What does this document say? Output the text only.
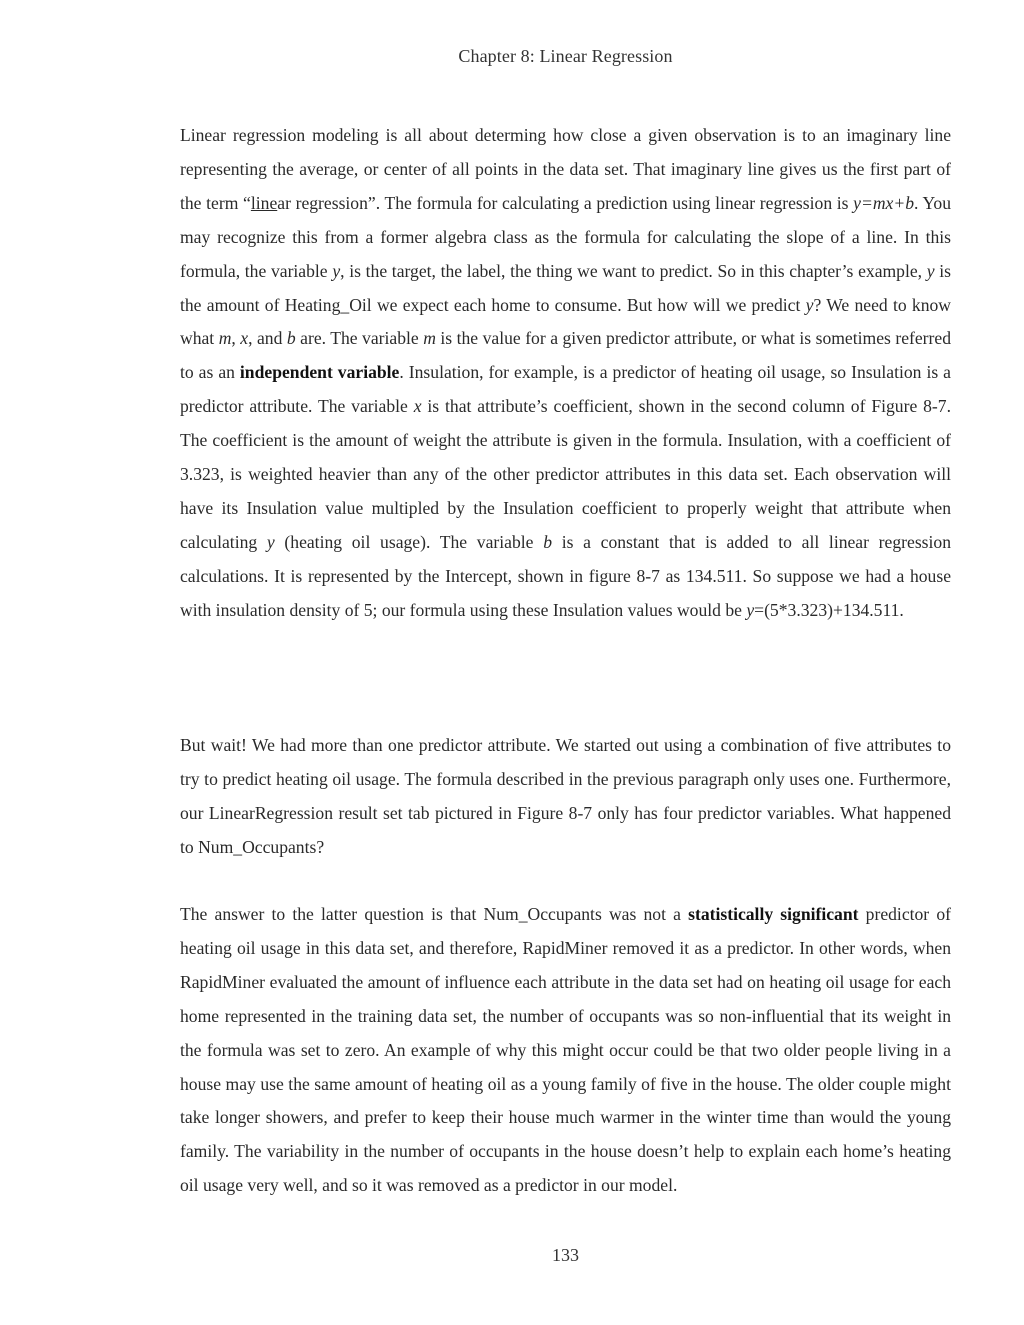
Chapter 8: Linear Regression

Linear regression modeling is all about determing how close a given observation is to an imaginary line representing the average, or center of all points in the data set. That imaginary line gives us the first part of the term “linear regression”. The formula for calculating a prediction using linear regression is y=mx+b. You may recognize this from a former algebra class as the formula for calculating the slope of a line. In this formula, the variable y, is the target, the label, the thing we want to predict. So in this chapter’s example, y is the amount of Heating_Oil we expect each home to consume. But how will we predict y? We need to know what m, x, and b are. The variable m is the value for a given predictor attribute, or what is sometimes referred to as an independent variable. Insulation, for example, is a predictor of heating oil usage, so Insulation is a predictor attribute. The variable x is that attribute’s coefficient, shown in the second column of Figure 8-7. The coefficient is the amount of weight the attribute is given in the formula. Insulation, with a coefficient of 3.323, is weighted heavier than any of the other predictor attributes in this data set. Each observation will have its Insulation value multipled by the Insulation coefficient to properly weight that attribute when calculating y (heating oil usage). The variable b is a constant that is added to all linear regression calculations. It is represented by the Intercept, shown in figure 8-7 as 134.511. So suppose we had a house with insulation density of 5; our formula using these Insulation values would be y=(5*3.323)+134.511.

But wait! We had more than one predictor attribute. We started out using a combination of five attributes to try to predict heating oil usage. The formula described in the previous paragraph only uses one. Furthermore, our LinearRegression result set tab pictured in Figure 8-7 only has four predictor variables. What happened to Num_Occupants?

The answer to the latter question is that Num_Occupants was not a statistically significant predictor of heating oil usage in this data set, and therefore, RapidMiner removed it as a predictor. In other words, when RapidMiner evaluated the amount of influence each attribute in the data set had on heating oil usage for each home represented in the training data set, the number of occupants was so non-influential that its weight in the formula was set to zero. An example of why this might occur could be that two older people living in a house may use the same amount of heating oil as a young family of five in the house. The older couple might take longer showers, and prefer to keep their house much warmer in the winter time than would the young family. The variability in the number of occupants in the house doesn’t help to explain each home’s heating oil usage very well, and so it was removed as a predictor in our model.

133
